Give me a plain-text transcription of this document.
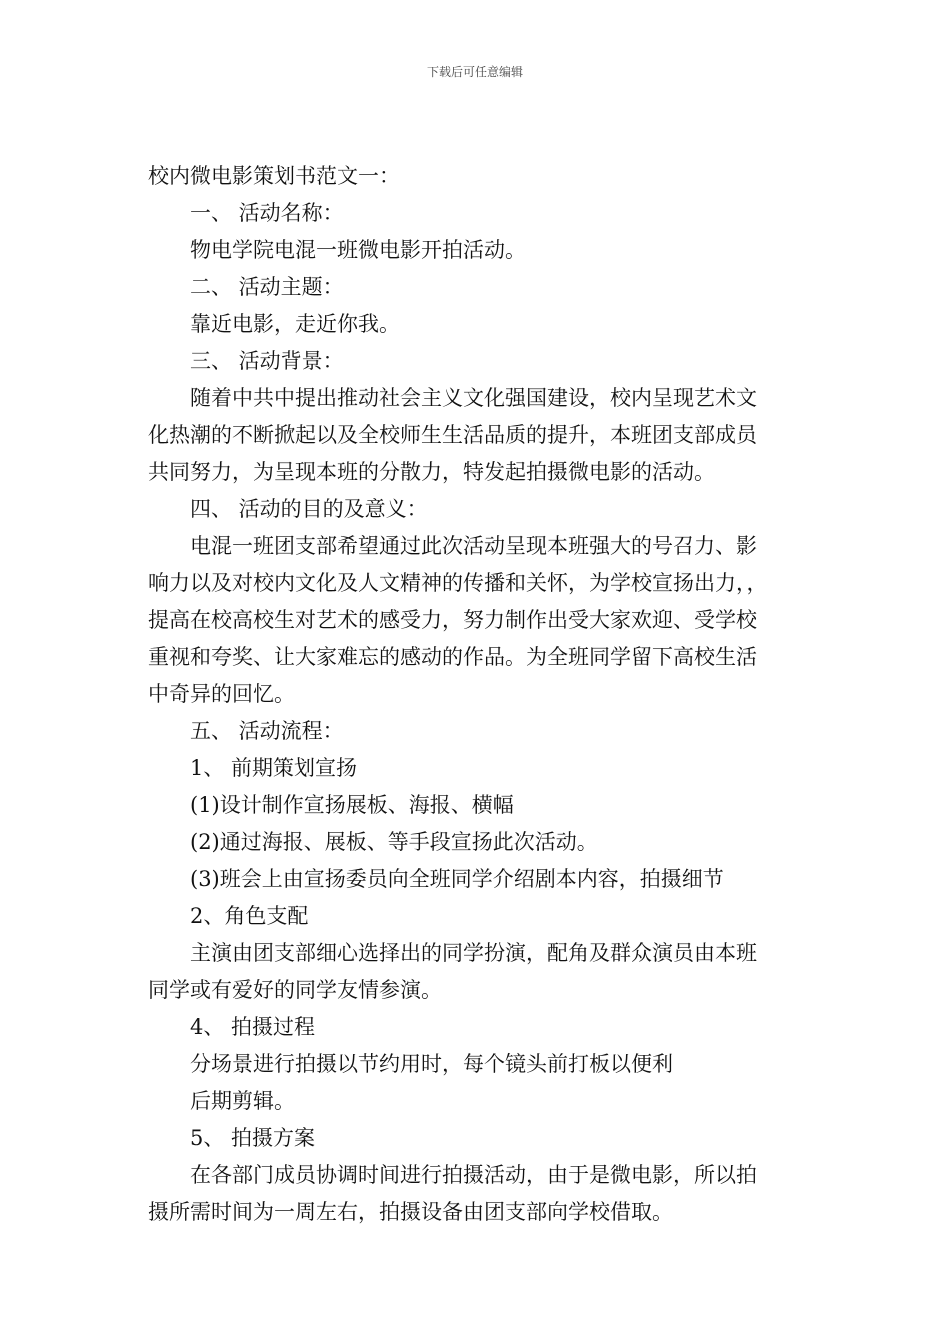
下载后可任意编辑
校内微电影策划书范文一：
一、 活动名称：
物电学院电混一班微电影开拍活动。
二、 活动主题：
靠近电影，走近你我。
三、 活动背景：
随着中共中提出推动社会主义文化强国建设，校内呈现艺术文
化热潮的不断掀起以及全校师生生活品质的提升，本班团支部成员
共同努力，为呈现本班的分散力，特发起拍摄微电影的活动。
四、 活动的目的及意义：
电混一班团支部希望通过此次活动呈现本班强大的号召力、影
响力以及对校内文化及人文精神的传播和关怀，为学校宣扬出力，，
提高在校高校生对艺术的感受力，努力制作出受大家欢迎、受学校
重视和夸奖、让大家难忘的感动的作品。为全班同学留下高校生活
中奇异的回忆。
五、 活动流程：
1、 前期策划宣扬
(1)设计制作宣扬展板、海报、横幅
(2)通过海报、展板、等手段宣扬此次活动。
(3)班会上由宣扬委员向全班同学介绍剧本内容，拍摄细节
2、角色支配
主演由团支部细心选择出的同学扮演，配角及群众演员由本班
同学或有爱好的同学友情参演。
4、 拍摄过程
分场景进行拍摄以节约用时，每个镜头前打板以便利
后期剪辑。
5、 拍摄方案
在各部门成员协调时间进行拍摄活动，由于是微电影，所以拍
摄所需时间为一周左右，拍摄设备由团支部向学校借取。
